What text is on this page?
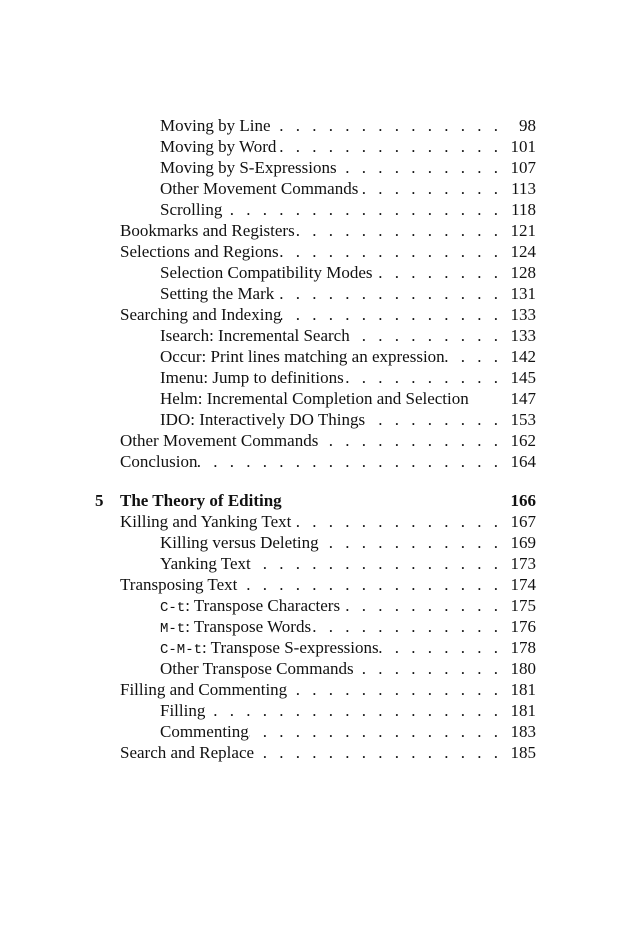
Moving by Line . . .	98
Moving by Word . . .	101
Moving by S-Expressions . . .	107
Other Movement Commands . . .	113
Scrolling . . .	118
Bookmarks and Registers . . .	121
Selections and Regions . . .	124
Selection Compatibility Modes . . .	128
Setting the Mark . . .	131
Searching and Indexing . . .	133
Isearch: Incremental Search . . .	133
Occur: Print lines matching an expression . . .	142
Imenu: Jump to definitions . . .	145
Helm: Incremental Completion and Selection 147
IDO: Interactively DO Things . . .	153
Other Movement Commands . . .	162
Conclusion . . .	164
5 The Theory of Editing	166
Killing and Yanking Text . . .	167
Killing versus Deleting . . .	169
Yanking Text . . .	173
Transposing Text . . .	174
C-t: Transpose Characters . . .	175
M-t: Transpose Words . . .	176
C-M-t: Transpose S-expressions . . .	178
Other Transpose Commands . . .	180
Filling and Commenting . . .	181
Filling . . .	181
Commenting . . .	183
Search and Replace . . .	185
